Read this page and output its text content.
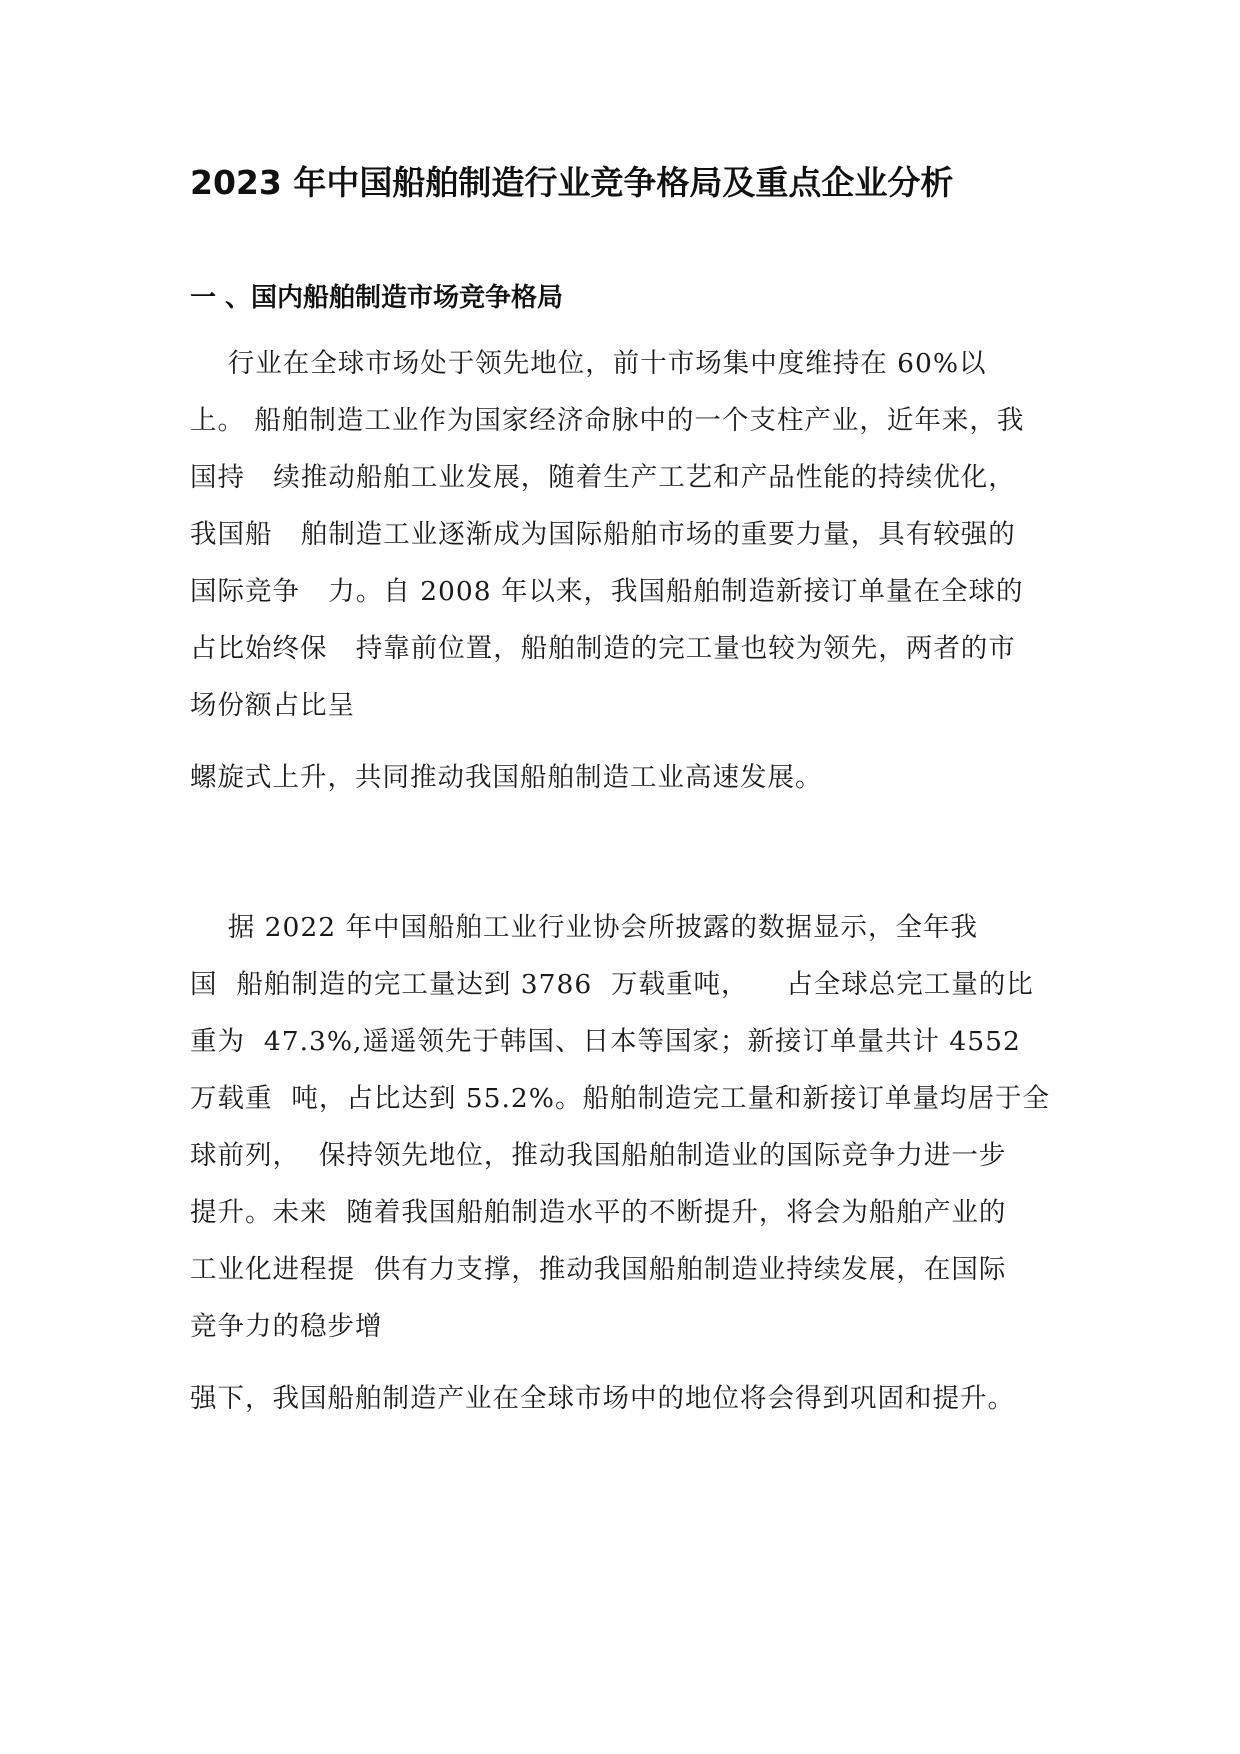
2023 年中国船舶制造行业竞争格局及重点企业分析
一 、国内船舶制造市场竞争格局

行业在全球市场处于领先地位，前十市场集中度维持在 60%以

上。 船舶制造工业作为国家经济命脉中的一个支柱产业，近年来，我

国持   续推动船舶工业发展，随着生产工艺和产品性能的持续优化，

我国船   舶制造工业逐渐成为国际船舶市场的重要力量，具有较强的

国际竞争   力。自 2008 年以来，我国船舶制造新接订单量在全球的

占比始终保   持靠前位置，船舶制造的完工量也较为领先，两者的市

场份额占比呈

螺旋式上升，共同推动我国船舶制造工业高速发展。

据 2022 年中国船舶工业行业协会所披露的数据显示，全年我

国  船舶制造的完工量达到 3786  万载重吨，    占全球总完工量的比

重为  47.3%,遥遥领先于韩国、日本等国家；新接订单量共计 4552

万载重  吨，占比达到 55.2%。船舶制造完工量和新接订单量均居于全

球前列，  保持领先地位，推动我国船舶制造业的国际竞争力进一步

提升。未来  随着我国船舶制造水平的不断提升，将会为船舶产业的

工业化进程提  供有力支撑，推动我国船舶制造业持续发展，在国际

竞争力的稳步增

强下，我国船舶制造产业在全球市场中的地位将会得到巩固和提升。
